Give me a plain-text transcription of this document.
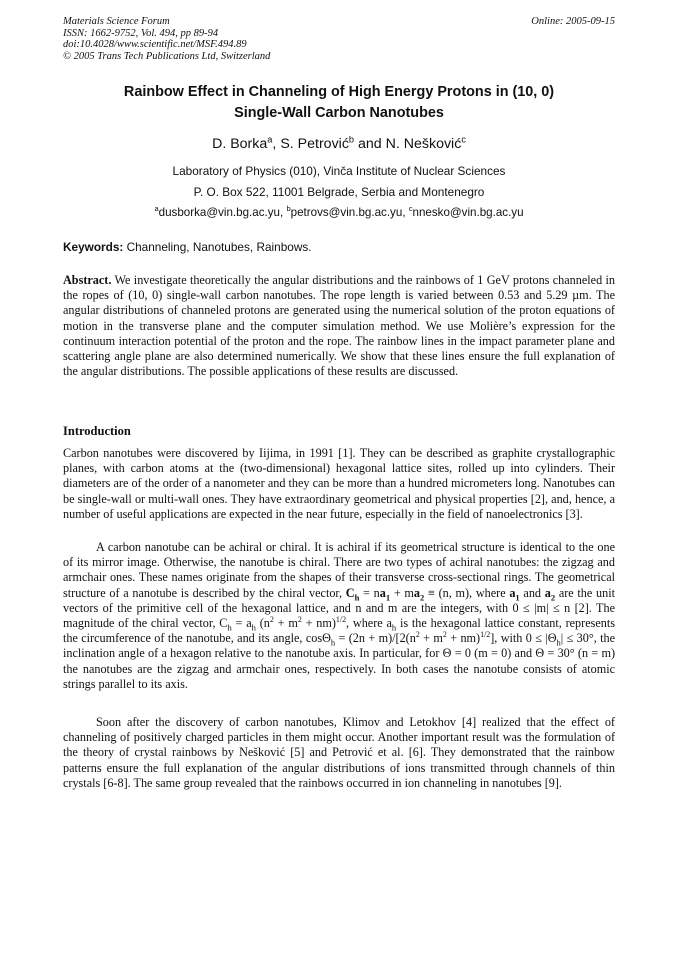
Materials Science Forum
ISSN: 1662-9752, Vol. 494, pp 89-94
doi:10.4028/www.scientific.net/MSF.494.89
© 2005 Trans Tech Publications Ltd, Switzerland
Online: 2005-09-15
Rainbow Effect in Channeling of High Energy Protons in (10, 0)
Single-Wall Carbon Nanotubes
D. Borka$^a$, S. Petrović$^b$ and N. Nešković$^c$
Laboratory of Physics (010), Vinča Institute of Nuclear Sciences
P. O. Box 522, 11001 Belgrade, Serbia and Montenegro
$^a$dusborka@vin.bg.ac.yu, $^b$petrovs@vin.bg.ac.yu, $^c$nnesko@vin.bg.ac.yu
Keywords: Channeling, Nanotubes, Rainbows.

Abstract. We investigate theoretically the angular distributions and the rainbows of 1 GeV protons channeled in the ropes of (10, 0) single-wall carbon nanotubes. The rope length is varied between 0.53 and 5.29 µm. The angular distributions of channeled protons are generated using the numerical solution of the proton equations of motion in the transverse plane and the computer simulation method. We use Molière’s expression for the continuum interaction potential of the proton and the rope. The rainbow lines in the impact parameter plane and scattering angle plane are also determined numerically. We show that these lines ensure the full explanation of the angular distributions. The possible applications of these results are discussed.

Introduction

Carbon nanotubes were discovered by Iijima, in 1991 [1]. They can be described as graphite crystallographic planes, with carbon atoms at the (two-dimensional) hexagonal lattice sites, rolled up into cylinders. Their diameters are of the order of a nanometer and they can be more than a hundred micrometers long. Nanotubes can be single-wall or multi-wall ones. They have extraordinary geometrical and physical properties [2], and, hence, a number of useful applications are expected in the near future, especially in the field of nanoelectronics [3].

A carbon nanotube can be achiral or chiral. It is achiral if its geometrical structure is identical to the one of its mirror image. Otherwise, the nanotube is chiral. There are two types of achiral nanotubes: the zigzag and armchair ones. These names originate from the shapes of their transverse cross-sectional rings. The geometrical structure of a nanotube is described by the chiral vector, $C_h = na_1 + ma_2 \equiv (n$, m), where $a_1$ and $a_2$ are the unit vectors of the primitive cell of the hexagonal lattice, and n and m are the integers, with 0 ≤ |m| ≤ n [2]. The magnitude of the chiral vector, $C_h = a_h$ $(n^2 + m^2 + nm)^{1/2}$, where $a_h$ is the hexagonal lattice constant, represents the circumference of the nanotube, and its angle, $\cos\Theta_h = (2n + m)/[2(n^2 + m^2 + nm)^{1/2}]$, with $0 \le |\Theta_h| \le 30^\circ$, the inclination angle of a hexagon relative to the nanotube axis. In particular, for Θ = 0 (m = 0) and Θ = 30° (n = m) the nanotubes are the zigzag and armchair ones, respectively. In both cases the nanotube consists of atomic strings parallel to its axis.

Soon after the discovery of carbon nanotubes, Klimov and Letokhov [4] realized that the effect of channeling of positively charged particles in them might occur. Another important result was the formulation of the theory of crystal rainbows by Nešković [5] and Petrović et al. [6]. They demonstrated that the rainbow patterns ensure the full explanation of the angular distributions of ions transmitted through channels of thin crystals [6-8]. The same group revealed that the rainbows occurred in ion channeling in nanotubes [9].
